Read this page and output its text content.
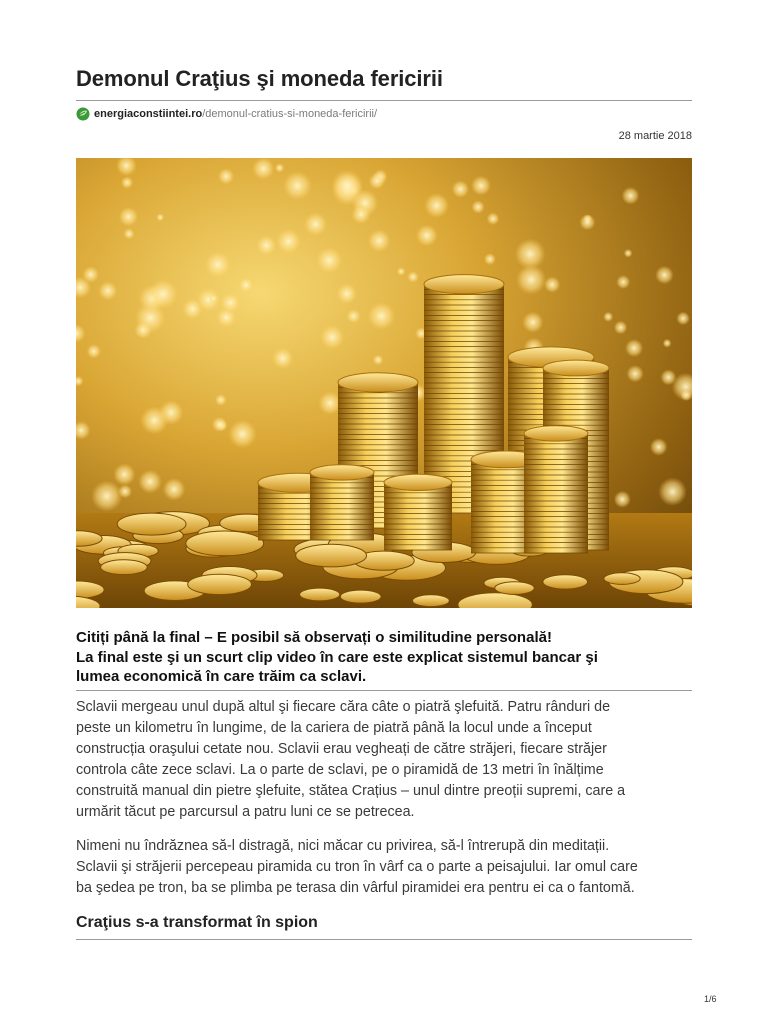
Demonul Craţius şi moneda fericirii
energiaconstiintei.ro /demonul-cratius-si-moneda-fericirii/
28 martie 2018
Citiți până la final – E posibil să observați o similitudine personală!
La final este şi un scurt clip video în care este explicat sistemul bancar şi
lumea economică în care trăim ca sclavi.
Sclavii mergeau unul după altul şi fiecare căra câte o piatră şlefuită. Patru rânduri de
peste un kilometru în lungime, de la cariera de piatră până la locul unde a început
construcția oraşului cetate nou. Sclavii erau vegheați de către străjeri, fiecare străjer
controla câte zece sclavi. La o parte de sclavi, pe o piramidă de 13 metri în înălțime
construită manual din pietre şlefuite, stătea Crațius – unul dintre preoții supremi, care a
urmărit tăcut pe parcursul a patru luni ce se petrecea.
Nimeni nu îndrăznea să-l distragă, nici măcar cu privirea, să-l întrerupă din meditații.
Sclavii şi străjerii percepeau piramida cu tron în vârf ca o parte a peisajului. Iar omul care
ba şedea pe tron, ba se plimba pe terasa din vârful piramidei era pentru ei ca o fantomă.
Craţius s-a transformat în spion
1/6
